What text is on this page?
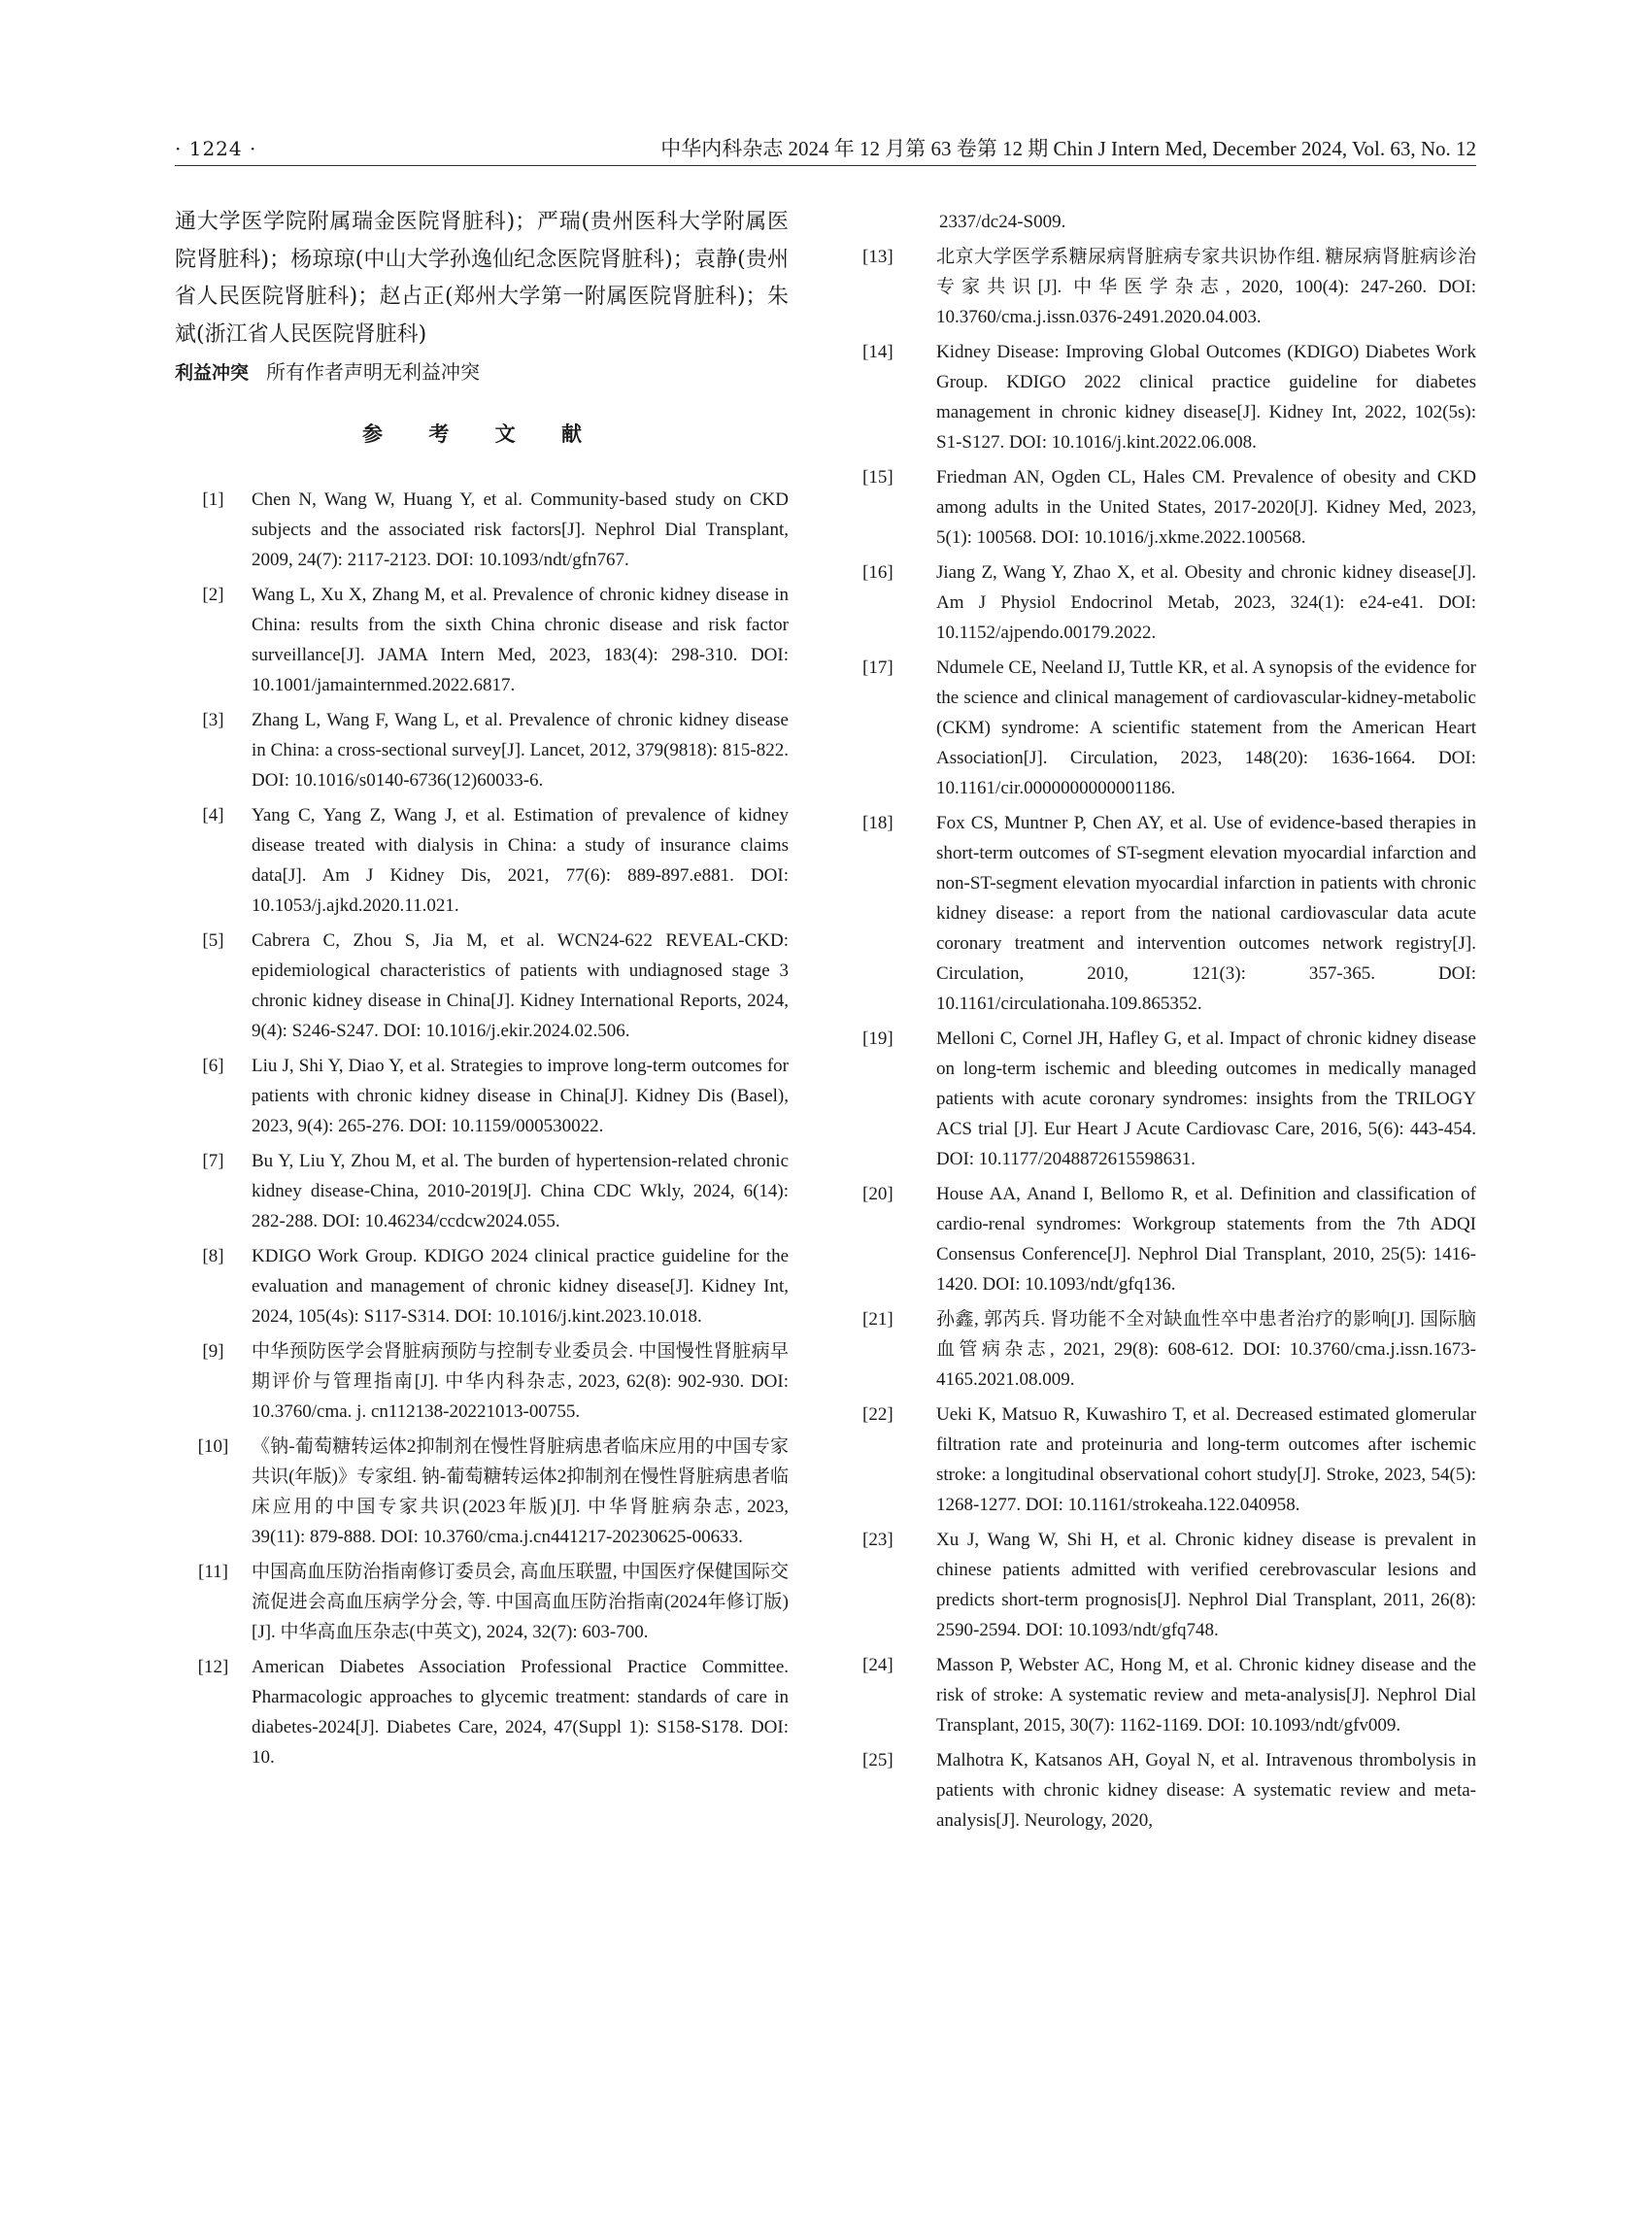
· 1224 ·	中华内科杂志 2024 年 12 月第 63 卷第 12 期 Chin J Intern Med, December 2024, Vol. 63, No. 12

通大学医学院附属瑞金医院肾脏科)；严瑞(贵州医科大学附属医院肾脏科)；杨琼琼(中山大学孙逸仙纪念医院肾脏科)；袁静(贵州省人民医院肾脏科)；赵占正(郑州大学第一附属医院肾脏科)；朱斌(浙江省人民医院肾脏科)

利益冲突 所有作者声明无利益冲突

参 考 文 献
[1]	Chen N, Wang W, Huang Y, et al. Community-based study on CKD subjects and the associated risk factors[J]. Nephrol Dial Transplant, 2009, 24(7): 2117-2123. DOI: 10.1093/ndt/gfn767.
[2]	Wang L, Xu X, Zhang M, et al. Prevalence of chronic kidney disease in China: results from the sixth China chronic disease and risk factor surveillance[J]. JAMA Intern Med, 2023, 183(4): 298-310. DOI: 10.1001/jamainternmed.2022.6817.
[3]	Zhang L, Wang F, Wang L, et al. Prevalence of chronic kidney disease in China: a cross-sectional survey[J]. Lancet, 2012, 379(9818): 815-822. DOI: 10.1016/s0140-6736(12)60033-6.
[4]	Yang C, Yang Z, Wang J, et al. Estimation of prevalence of kidney disease treated with dialysis in China: a study of insurance claims data[J]. Am J Kidney Dis, 2021, 77(6): 889-897.e881. DOI: 10.1053/j.ajkd.2020.11.021.
[5]	Cabrera C, Zhou S, Jia M, et al. WCN24-622 REVEAL-CKD: epidemiological characteristics of patients with undiagnosed stage 3 chronic kidney disease in China[J]. Kidney International Reports, 2024, 9(4): S246-S247. DOI: 10.1016/j.ekir.2024.02.506.
[6]	Liu J, Shi Y, Diao Y, et al. Strategies to improve long-term outcomes for patients with chronic kidney disease in China[J]. Kidney Dis (Basel), 2023, 9(4): 265-276. DOI: 10.1159/000530022.
[7]	Bu Y, Liu Y, Zhou M, et al. The burden of hypertension-related chronic kidney disease-China, 2010-2019[J]. China CDC Wkly, 2024, 6(14): 282-288. DOI: 10.46234/ccdcw2024.055.
[8]	KDIGO Work Group. KDIGO 2024 clinical practice guideline for the evaluation and management of chronic kidney disease[J]. Kidney Int, 2024, 105(4s): S117-S314. DOI: 10.1016/j.kint.2023.10.018.
[9]	中华预防医学会肾脏病预防与控制专业委员会. 中国慢性肾脏病早期评价与管理指南[J]. 中华内科杂志, 2023, 62(8): 902-930. DOI: 10.3760/cma. j. cn112138-20221013-00755.
[10]	《钠-葡萄糖转运体2抑制剂在慢性肾脏病患者临床应用的中国专家共识(年版)》专家组. 钠-葡萄糖转运体2抑制剂在慢性肾脏病患者临床应用的中国专家共识(2023年版)[J]. 中华肾脏病杂志, 2023, 39(11): 879-888. DOI: 10.3760/cma.j.cn441217-20230625-00633.
[11]	中国高血压防治指南修订委员会, 高血压联盟, 中国医疗保健国际交流促进会高血压病学分会, 等. 中国高血压防治指南(2024年修订版)[J]. 中华高血压杂志(中英文), 2024, 32(7): 603-700.
[12]	American Diabetes Association Professional Practice Committee. Pharmacologic approaches to glycemic treatment: standards of care in diabetes-2024[J]. Diabetes Care, 2024, 47(Suppl 1): S158-S178. DOI: 10.
2337/dc24-S009.
[13]	北京大学医学系糖尿病肾脏病专家共识协作组. 糖尿病肾脏病诊治专家共识[J]. 中华医学杂志, 2020, 100(4): 247-260. DOI: 10.3760/cma.j.issn.0376-2491.2020.04.003.
[14]	Kidney Disease: Improving Global Outcomes (KDIGO) Diabetes Work Group. KDIGO 2022 clinical practice guideline for diabetes management in chronic kidney disease[J]. Kidney Int, 2022, 102(5s): S1-S127. DOI: 10.1016/j.kint.2022.06.008.
[15]	Friedman AN, Ogden CL, Hales CM. Prevalence of obesity and CKD among adults in the United States, 2017-2020[J]. Kidney Med, 2023, 5(1): 100568. DOI: 10.1016/j.xkme.2022.100568.
[16]	Jiang Z, Wang Y, Zhao X, et al. Obesity and chronic kidney disease[J]. Am J Physiol Endocrinol Metab, 2023, 324(1): e24-e41. DOI: 10.1152/ajpendo.00179.2022.
[17]	Ndumele CE, Neeland IJ, Tuttle KR, et al. A synopsis of the evidence for the science and clinical management of cardiovascular-kidney-metabolic (CKM) syndrome: A scientific statement from the American Heart Association[J]. Circulation, 2023, 148(20): 1636-1664. DOI: 10.1161/cir.0000000000001186.
[18]	Fox CS, Muntner P, Chen AY, et al. Use of evidence-based therapies in short-term outcomes of ST-segment elevation myocardial infarction and non-ST-segment elevation myocardial infarction in patients with chronic kidney disease: a report from the national cardiovascular data acute coronary treatment and intervention outcomes network registry[J]. Circulation, 2010, 121(3): 357-365. DOI: 10.1161/circulationaha.109.865352.
[19]	Melloni C, Cornel JH, Hafley G, et al. Impact of chronic kidney disease on long-term ischemic and bleeding outcomes in medically managed patients with acute coronary syndromes: insights from the TRILOGY ACS trial [J]. Eur Heart J Acute Cardiovasc Care, 2016, 5(6): 443-454. DOI: 10.1177/2048872615598631.
[20]	House AA, Anand I, Bellomo R, et al. Definition and classification of cardio-renal syndromes: Workgroup statements from the 7th ADQI Consensus Conference[J]. Nephrol Dial Transplant, 2010, 25(5): 1416-1420. DOI: 10.1093/ndt/gfq136.
[21]	孙鑫, 郭芮兵. 肾功能不全对缺血性卒中患者治疗的影响[J]. 国际脑血管病杂志, 2021, 29(8): 608-612. DOI: 10.3760/cma.j.issn.1673-4165.2021.08.009.
[22]	Ueki K, Matsuo R, Kuwashiro T, et al. Decreased estimated glomerular filtration rate and proteinuria and long-term outcomes after ischemic stroke: a longitudinal observational cohort study[J]. Stroke, 2023, 54(5): 1268-1277. DOI: 10.1161/strokeaha.122.040958.
[23]	Xu J, Wang W, Shi H, et al. Chronic kidney disease is prevalent in chinese patients admitted with verified cerebrovascular lesions and predicts short-term prognosis[J]. Nephrol Dial Transplant, 2011, 26(8): 2590-2594. DOI: 10.1093/ndt/gfq748.
[24]	Masson P, Webster AC, Hong M, et al. Chronic kidney disease and the risk of stroke: A systematic review and meta-analysis[J]. Nephrol Dial Transplant, 2015, 30(7): 1162-1169. DOI: 10.1093/ndt/gfv009.
[25]	Malhotra K, Katsanos AH, Goyal N, et al. Intravenous thrombolysis in patients with chronic kidney disease: A systematic review and meta-analysis[J]. Neurology, 2020,
